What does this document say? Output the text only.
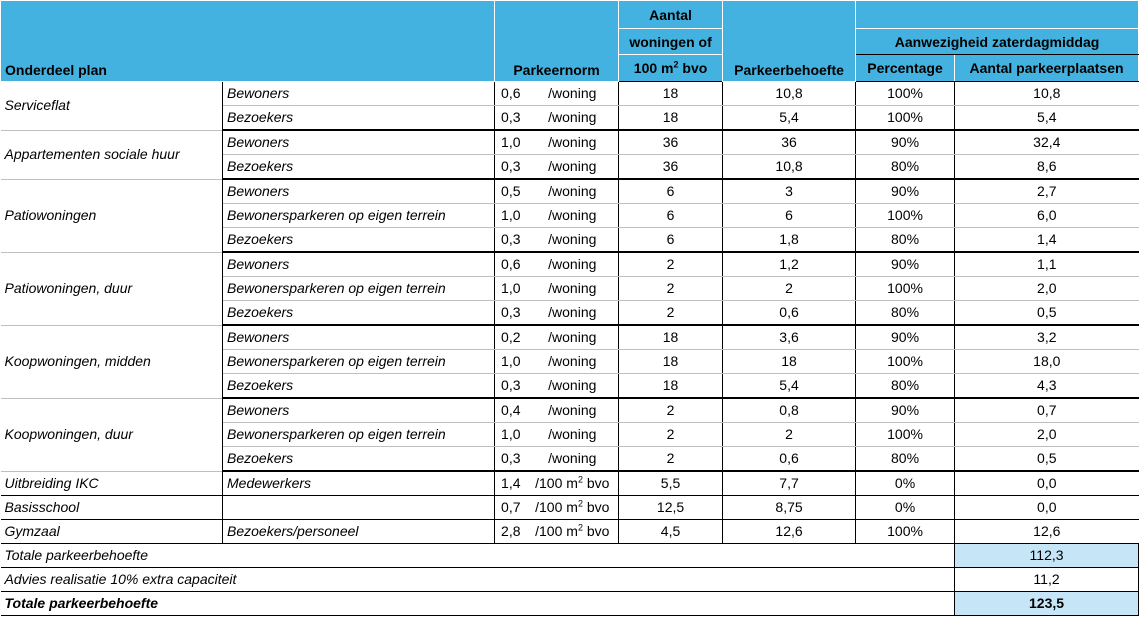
Onderdeel plan		Parkeernorm		Aantal	Parkeerbehoefte		
				woningen of		Aanwezigheid zaterdagmiddag	
				100 $m^2$ bvo		Percentage	Aantal parkeerplaatsen
Serviceflat	Bewoners	0,6	/woning	18	10,8	100%	10,8
	Bezoekers	0,3	/woning	18	5,4	100%	5,4
Appartementen sociale huur	Bewoners	1,0	/woning	36	36	90%	32,4
	Bezoekers	0,3	/woning	36	10,8	80%	8,6
Patiowoningen	Bewoners	0,5	/woning	6	3	90%	2,7
	Bewonersparkeren op eigen terrein	1,0	/woning	6	6	100%	6,0
	Bezoekers	0,3	/woning	6	1,8	80%	1,4
Patiowoningen, duur	Bewoners	0,6	/woning	2	1,2	90%	1,1
	Bewonersparkeren op eigen terrein	1,0	/woning	2	2	100%	2,0
	Bezoekers	0,3	/woning	2	0,6	80%	0,5
Koopwoningen, midden	Bewoners	0,2	/woning	18	3,6	90%	3,2
	Bewonersparkeren op eigen terrein	1,0	/woning	18	18	100%	18,0
	Bezoekers	0,3	/woning	18	5,4	80%	4,3
Koopwoningen, duur	Bewoners	0,4	/woning	2	0,8	90%	0,7
	Bewonersparkeren op eigen terrein	1,0	/woning	2	2	100%	2,0
	Bezoekers	0,3	/woning	2	0,6	80%	0,5
Uitbreiding IKC	Medewerkers	1,4	/100 $m^2$ bvo	5,5	7,7	0%	0,0
Basisschool		0,7	/100 $m^2$ bvo	12,5	8,75	0%	0,0
Gymzaal	Bezoekers/personeel	2,8	/100 $m^2$ bvo	4,5	12,6	100%	12,6
Totale parkeerbehoefte							112,3
Advies realisatie 10% extra capaciteit							11,2
Totale parkeerbehoefte							123,5
